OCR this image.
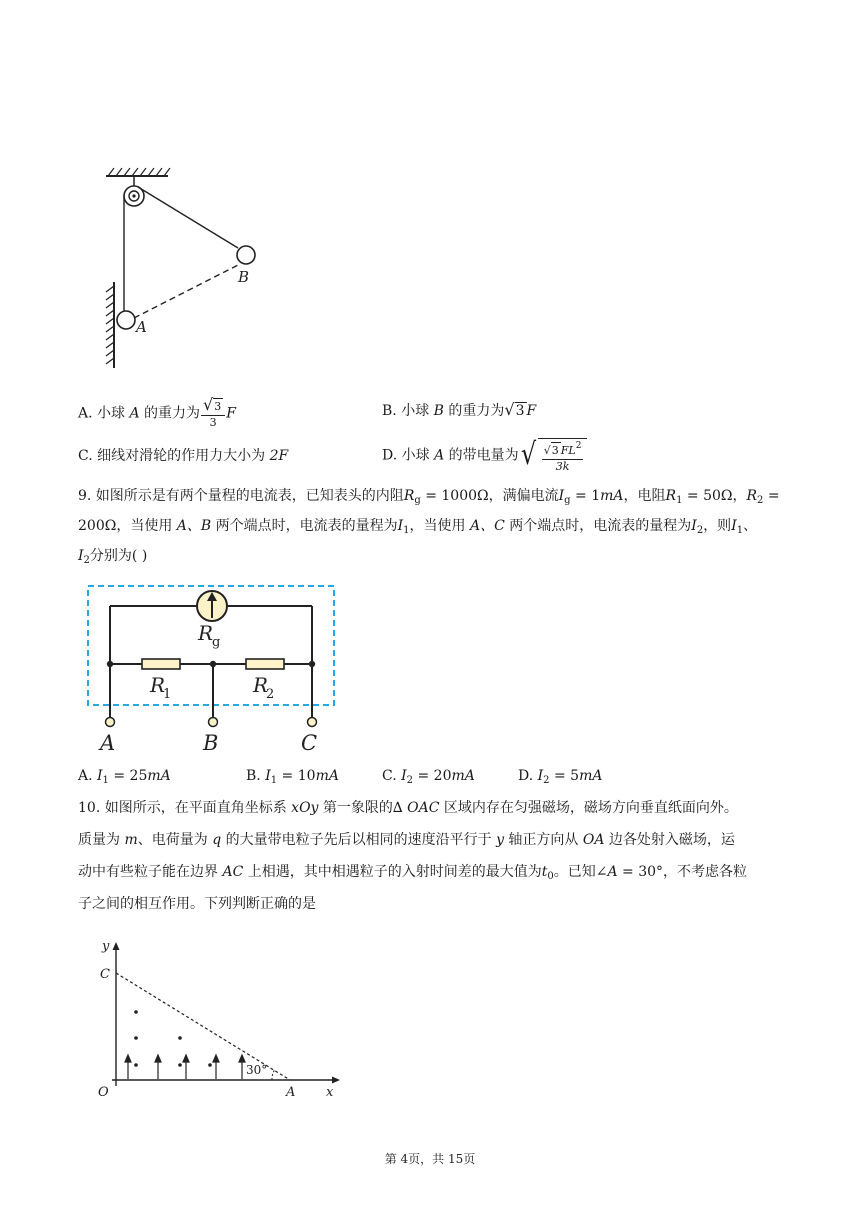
B
A
A. 小球 A 的重力为 $\frac{√3}{3}$ F	B. 小球 B 的重力为√3 F
C. 细线对滑轮的作用力大小为 2F	D. 小球 A 的带电量为 √ $\frac{√3 FL^2}{3k}$
9. 如图所示是有两个量程的电流表，已知表头的内阻$R_g = 1000\Omega$，满偏电流$I_g = 1mA$，电阻$R_1 = 50\Omega$，$R_2$ =
200Ω，当使用 A、B 两个端点时，电流表的量程为$I_1$，当使用 A、C 两个端点时，电流表的量程为$I_2$，则$I_1$、
$I_2$分别为( )
R
g
R
1	R
2
A	B	C
A. $I_1 = 25mA$	B. $I_1 = 10mA$	C. $I_2 = 20mA$	D. $I_2 = 5mA$
10. 如图所示，在平面直角坐标系 xOy 第一象限的∆ OAC 区域内存在匀强磁场，磁场方向垂直纸面向外。
质量为 m、电荷量为 q 的大量带电粒子先后以相同的速度沿平行于 y 轴正方向从 OA 边各处射入磁场，运
动中有些粒子能在边界 AC 上相遇，其中相遇粒子的入射时间差的最大值为$t_0$。已知∠A = 30°，不考虑各粒
子之间的相互作用。下列判断正确的是
y
x
C
O	A
30°
第 4页，共 15页
